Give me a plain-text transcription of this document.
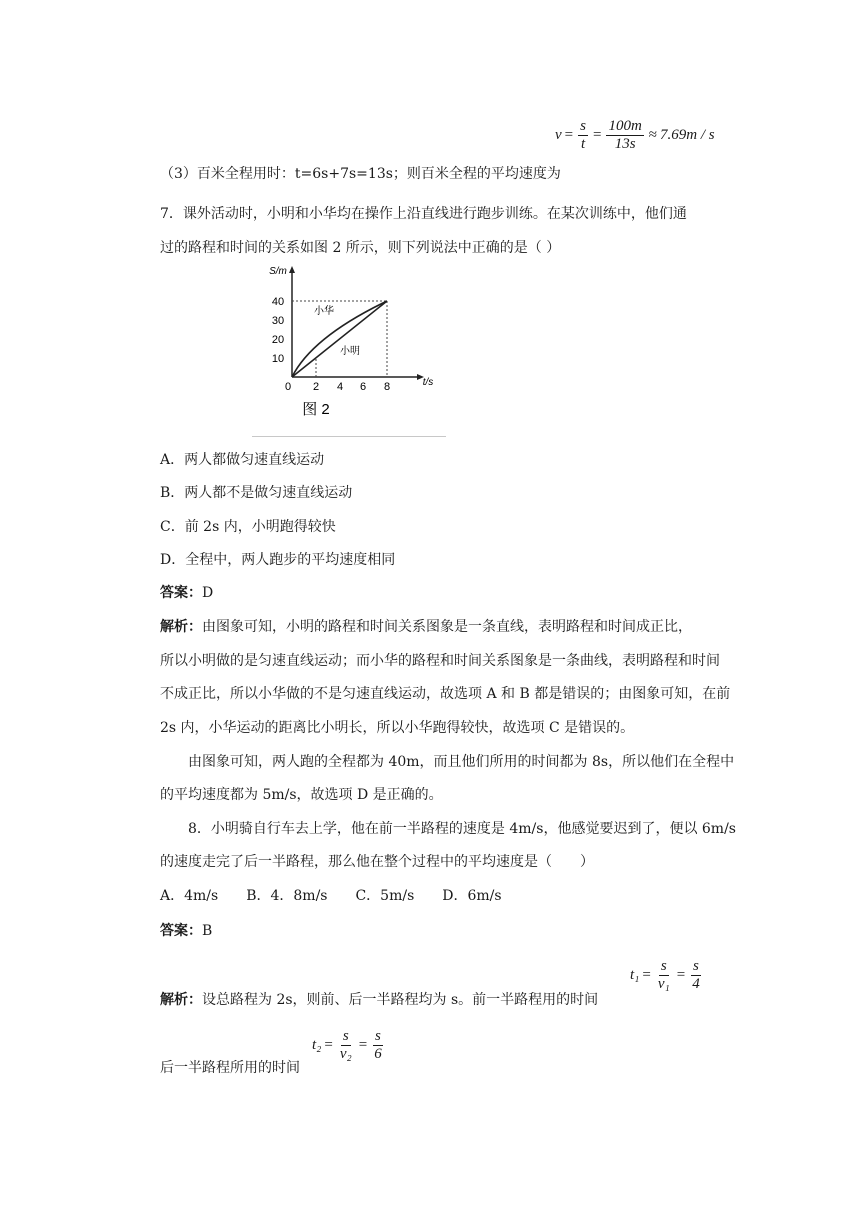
$v = \frac{s}{t} = \frac{100m}{13s} \approx 7.69m / s$
（3）百米全程用时：t=6s+7s=13s；则百米全程的平均速度为
7．课外活动时，小明和小华均在操作上沿直线进行跑步训练。在某次训练中，他们通
过的路程和时间的关系如图 2 所示，则下列说法中正确的是（ ）
40
30
20
10
0 2 4 6 8
S/m
t/s
小华
小明
图 2
A．两人都做匀速直线运动
B．两人都不是做匀速直线运动
C．前 2s 内，小明跑得较快
D．全程中，两人跑步的平均速度相同
答案：D
解析：由图象可知，小明的路程和时间关系图象是一条直线，表明路程和时间成正比，
所以小明做的是匀速直线运动；而小华的路程和时间关系图象是一条曲线，表明路程和时间
不成正比，所以小华做的不是匀速直线运动，故选项 A 和 B 都是错误的；由图象可知，在前
2s 内，小华运动的距离比小明长，所以小华跑得较快，故选项 C 是错误的。
由图象可知，两人跑的全程都为 40m，而且他们所用的时间都为 8s，所以他们在全程中
的平均速度都为 5m/s，故选项 D 是正确的。
8．小明骑自行车去上学，他在前一半路程的速度是 4m/s，他感觉要迟到了，便以 6m/s
的速度走完了后一半路程，那么他在整个过程中的平均速度是（　　）
A．4m/s　　B．4．8m/s　　C．5m/s　　D．6m/s
答案：B
$t_1 = \frac{s}{\text{v₁}} = \frac{s}{4}$
解析：设总路程为 2s，则前、后一半路程均为 s。前一半路程用的时间
$t_2 = \frac{s}{\text{v₂}} = \frac{s}{6}$
后一半路程所用的时间
